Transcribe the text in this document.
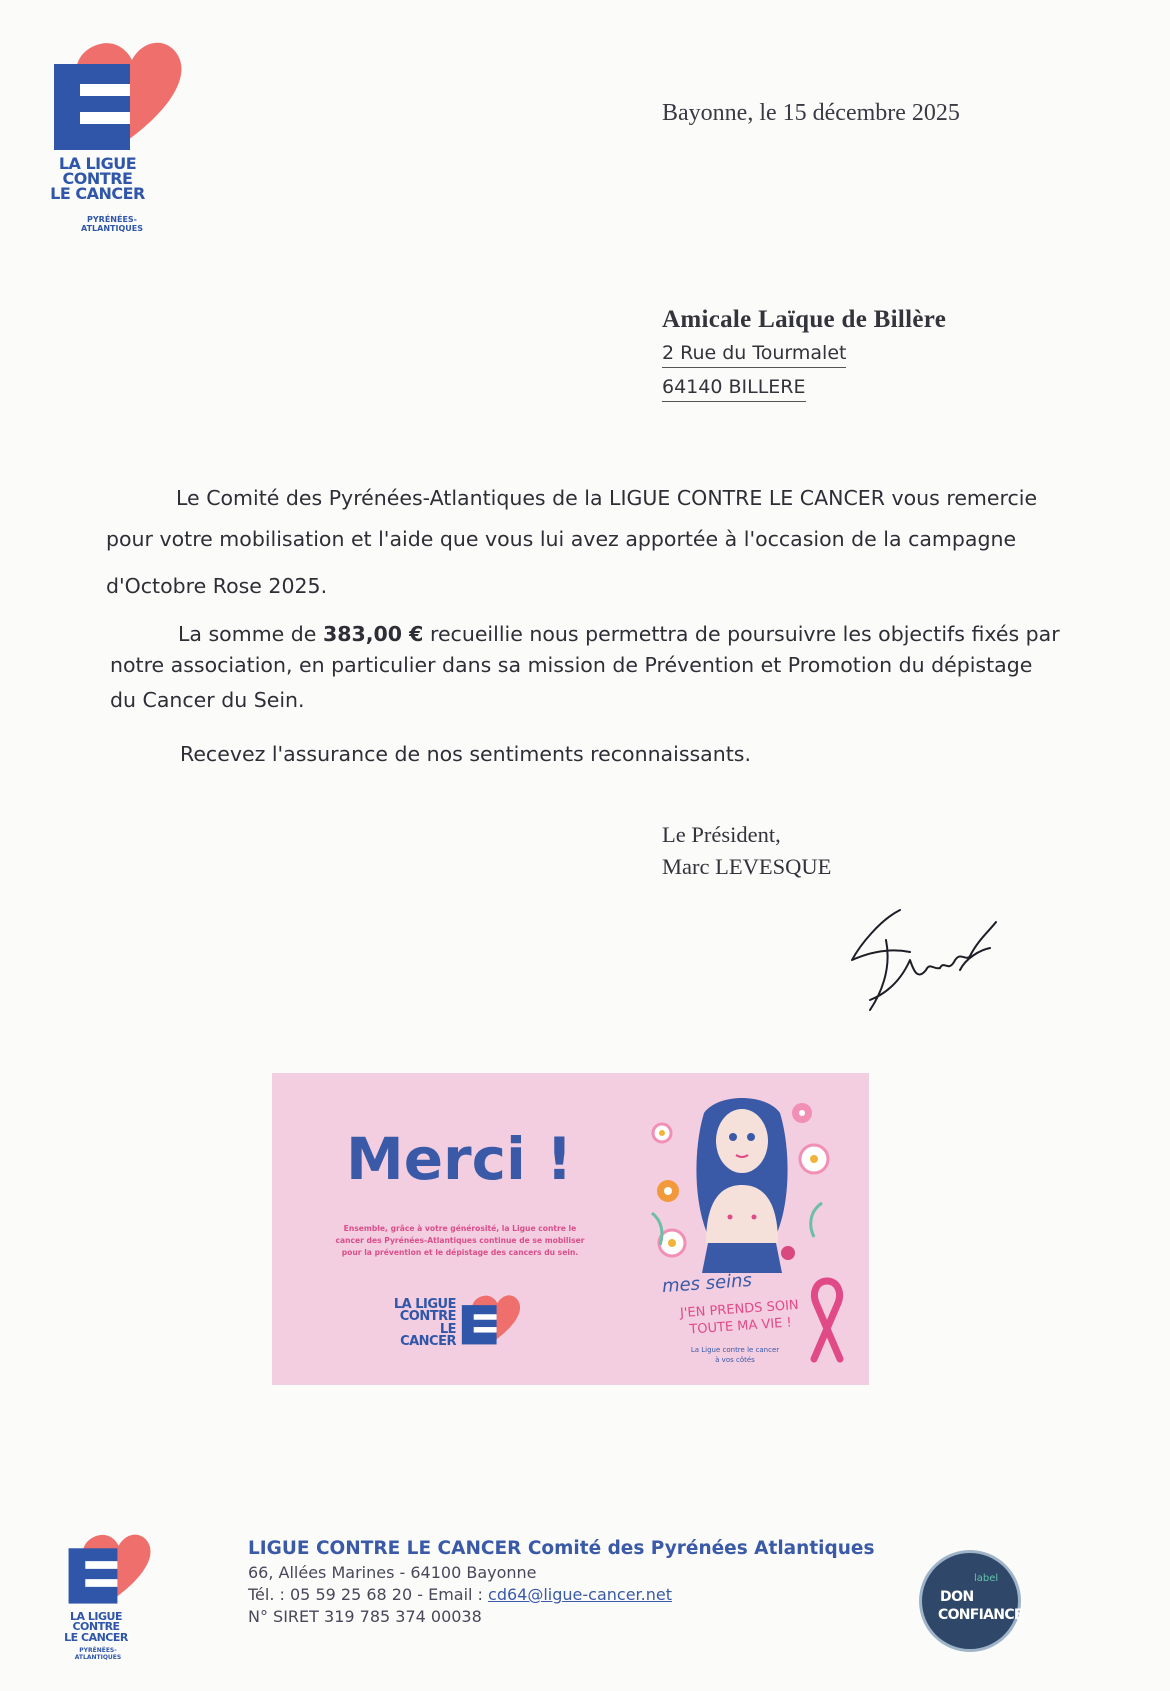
LA LIGUE
CONTRE
LE CANCER
PYRÉNÉES-
ATLANTIQUES
Bayonne, le 15 décembre 2025
Amicale Laïque de Billère
2 Rue du Tourmalet
64140 BILLERE
Le Comité des Pyrénées-Atlantiques de la LIGUE CONTRE LE CANCER vous remercie
pour votre mobilisation et l'aide que vous lui avez apportée à l'occasion de la campagne
d'Octobre Rose 2025.
La somme de 383,00 € recueillie nous permettra de poursuivre les objectifs fixés par
notre association, en particulier dans sa mission de Prévention et Promotion du dépistage
du Cancer du Sein.
Recevez l'assurance de nos sentiments reconnaissants.
Le Président,
Marc LEVESQUE
Merci !
Ensemble, grâce à votre générosité, la Ligue contre le
cancer des Pyrénées-Atlantiques continue de se mobiliser
pour la prévention et le dépistage des cancers du sein.
LA LIGUE
CONTRE
LE CANCER
mes seins
J'EN PRENDS SOIN
TOUTE MA VIE !
La Ligue contre le cancer
à vos côtés
LA LIGUE
CONTRE
LE CANCER
PYRÉNÉES-
ATLANTIQUES
LIGUE CONTRE LE CANCER Comité des Pyrénées Atlantiques
66, Allées Marines - 64100 Bayonne
Tél. : 05 59 25 68 20 - Email : cd64@ligue-cancer.net
N° SIRET 319 785 374 00038
label
DON
CONFIANCE
